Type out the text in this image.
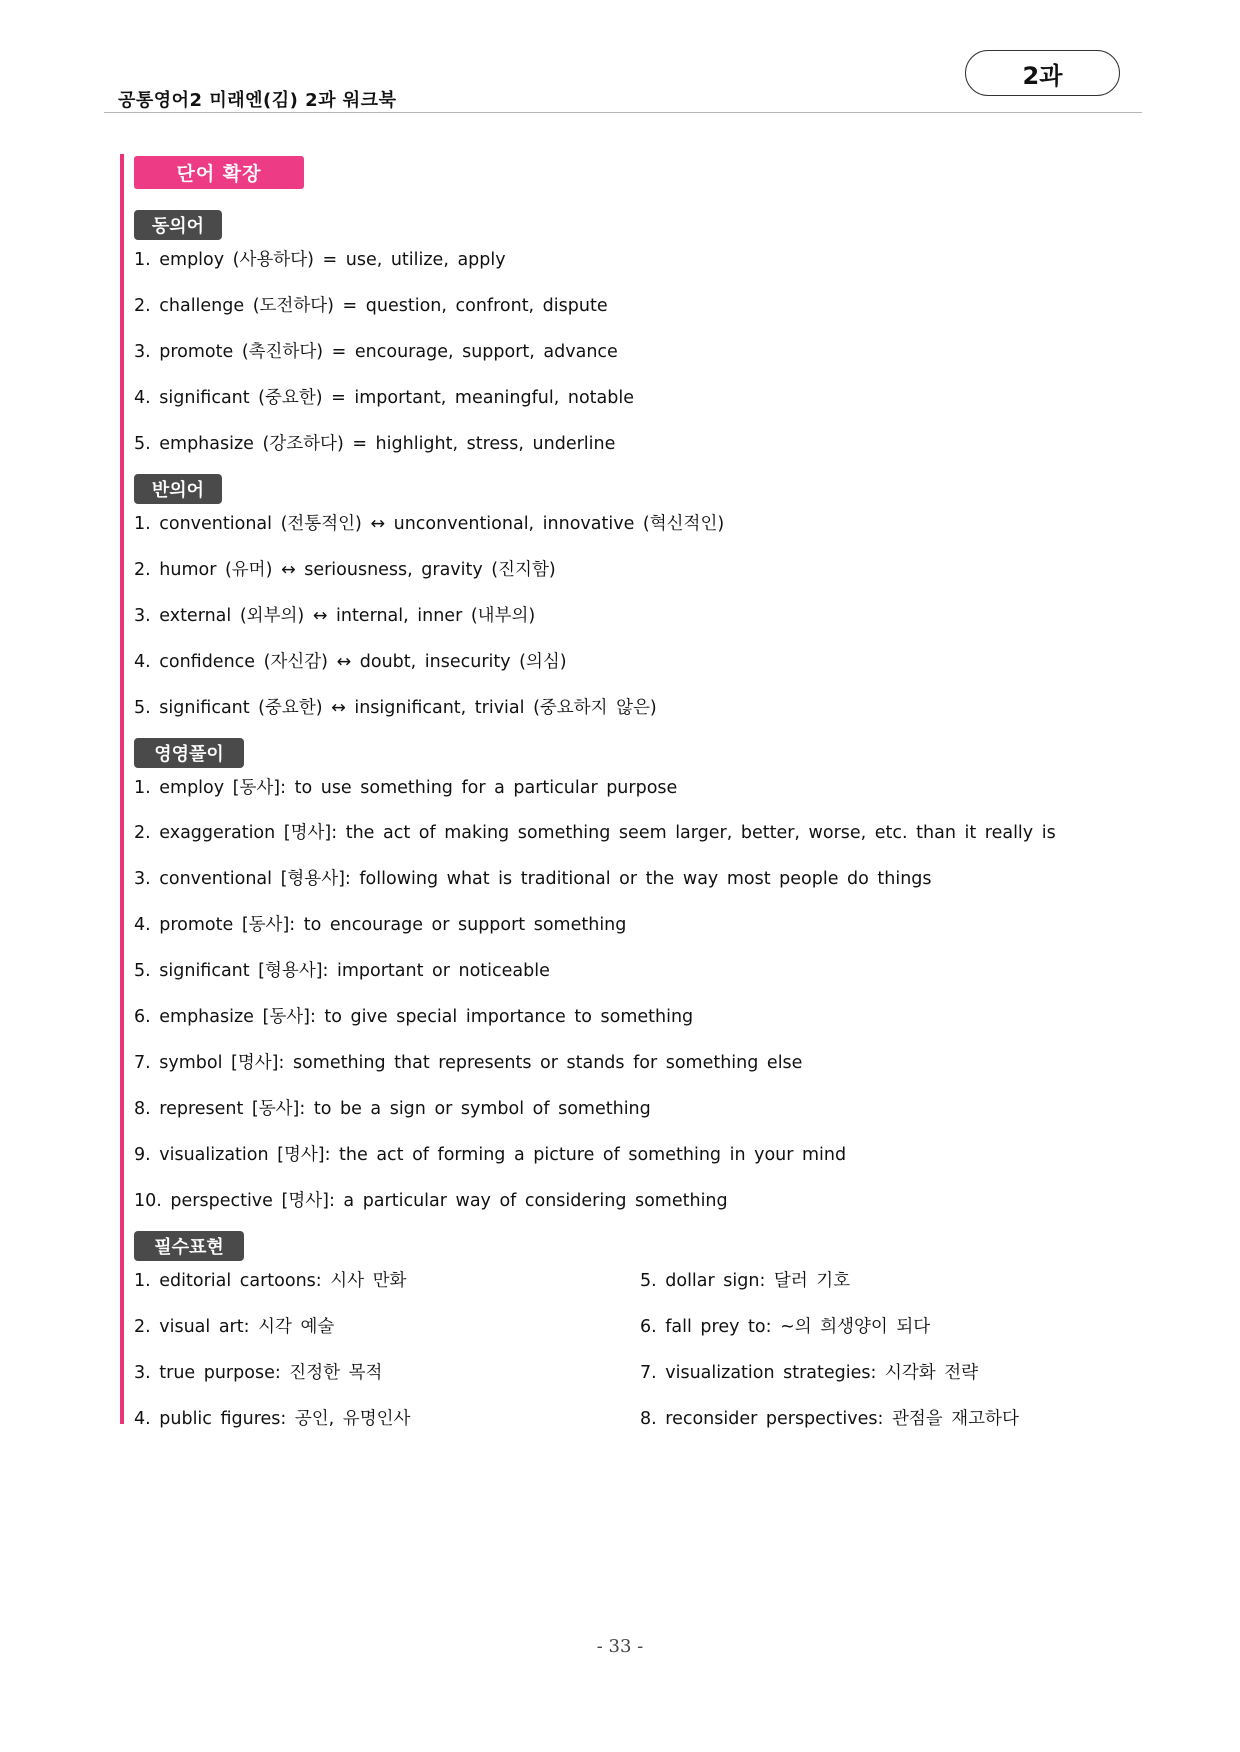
공통영어2 미래엔(김) 2과 워크북
2과
단어 확장
동의어
1. employ (사용하다) = use, utilize, apply
2. challenge (도전하다) = question, confront, dispute
3. promote (촉진하다) = encourage, support, advance
4. significant (중요한) = important, meaningful, notable
5. emphasize (강조하다) = highlight, stress, underline
반의어
1. conventional (전통적인) ↔ unconventional, innovative (혁신적인)
2. humor (유머) ↔ seriousness, gravity (진지함)
3. external (외부의) ↔ internal, inner (내부의)
4. confidence (자신감) ↔ doubt, insecurity (의심)
5. significant (중요한) ↔ insignificant, trivial (중요하지 않은)
영영풀이
1. employ [동사]: to use something for a particular purpose
2. exaggeration [명사]: the act of making something seem larger, better, worse, etc. than it really is
3. conventional [형용사]: following what is traditional or the way most people do things
4. promote [동사]: to encourage or support something
5. significant [형용사]: important or noticeable
6. emphasize [동사]: to give special importance to something
7. symbol [명사]: something that represents or stands for something else
8. represent [동사]: to be a sign or symbol of something
9. visualization [명사]: the act of forming a picture of something in your mind
10. perspective [명사]: a particular way of considering something
필수표현
1. editorial cartoons: 시사 만화
2. visual art: 시각 예술
3. true purpose: 진정한 목적
4. public figures: 공인, 유명인사
5. dollar sign: 달러 기호
6. fall prey to: ~의 희생양이 되다
7. visualization strategies: 시각화 전략
8. reconsider perspectives: 관점을 재고하다
- 33 -
